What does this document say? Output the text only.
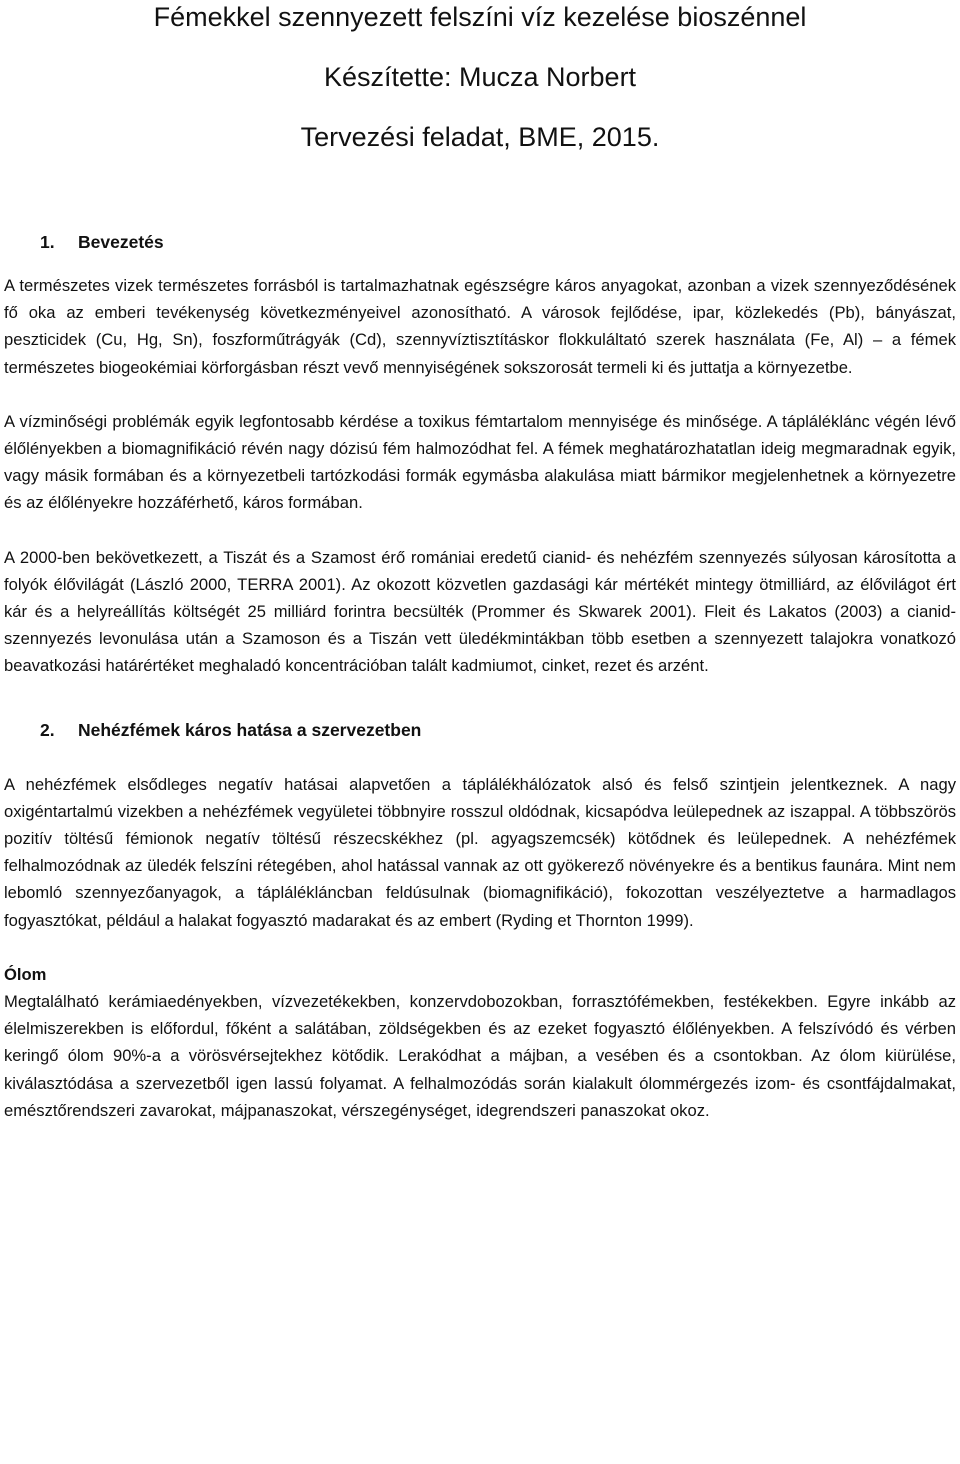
Fémekkel szennyezett felszíni víz kezelése bioszénnel
Készítette: Mucza Norbert
Tervezési feladat, BME, 2015.
1. Bevezetés

A természetes vizek természetes forrásból is tartalmazhatnak egészségre káros anyagokat, azonban a vizek szennyeződésének fő oka az emberi tevékenység következményeivel azonosítható. A városok fejlődése, ipar, közlekedés (Pb), bányászat, peszticidek (Cu, Hg, Sn), foszforműtrágyák (Cd), szennyvíztisztításkor flokkuláltató szerek használata (Fe, Al) – a fémek természetes biogeokémiai körforgásban részt vevő mennyiségének sokszorosát termeli ki és juttatja a környezetbe.

A vízminőségi problémák egyik legfontosabb kérdése a toxikus fémtartalom mennyisége és minősége. A tápláléklánc végén lévő élőlényekben a biomagnifikáció révén nagy dózisú fém halmozódhat fel. A fémek meghatározhatatlan ideig megmaradnak egyik, vagy másik formában és a környezetbeli tartózkodási formák egymásba alakulása miatt bármikor megjelenhetnek a környezetre és az élőlényekre hozzáférhető, káros formában.

A 2000-ben bekövetkezett, a Tiszát és a Szamost érő romániai eredetű cianid- és nehézfém szennyezés súlyosan károsította a folyók élővilágát (László 2000, TERRA 2001). Az okozott közvetlen gazdasági kár mértékét mintegy ötmilliárd, az élővilágot ért kár és a helyreállítás költségét 25 milliárd forintra becsülték (Prommer és Skwarek 2001). Fleit és Lakatos (2003) a cianid-szennyezés levonulása után a Szamoson és a Tiszán vett üledékmintákban több esetben a szennyezett talajokra vonatkozó beavatkozási határértéket meghaladó koncentrációban talált kadmiumot, cinket, rezet és arzént.

2. Nehézfémek káros hatása a szervezetben

A nehézfémek elsődleges negatív hatásai alapvetően a táplálékhálózatok alsó és felső szintjein jelentkeznek. A nagy oxigéntartalmú vizekben a nehézfémek vegyületei többnyire rosszul oldódnak, kicsapódva leülepednek az iszappal. A többszörös pozitív töltésű fémionok negatív töltésű részecskékhez (pl. agyagszemcsék) kötődnek és leülepednek. A nehézfémek felhalmozódnak az üledék felszíni rétegében, ahol hatással vannak az ott gyökerező növényekre és a bentikus faunára. Mint nem lebomló szennyezőanyagok, a táplálékláncban feldúsulnak (biomagnifikáció), fokozottan veszélyeztetve a harmadlagos fogyasztókat, például a halakat fogyasztó madarakat és az embert (Ryding et Thornton 1999).

Ólom

Megtalálható kerámiaedényekben, vízvezetékekben, konzervdobozokban, forrasztófémekben, festékekben. Egyre inkább az élelmiszerekben is előfordul, főként a salátában, zöldségekben és az ezeket fogyasztó élőlényekben. A felszívódó és vérben keringő ólom 90%-a a vörösvérsejtekhez kötődik. Lerakódhat a májban, a vesében és a csontokban. Az ólom kiürülése, kiválasztódása a szervezetből igen lassú folyamat. A felhalmozódás során kialakult ólommérgezés izom- és csontfájdalmakat, emésztőrendszeri zavarokat, májpanaszokat, vérszegénységet, idegrendszeri panaszokat okoz.
